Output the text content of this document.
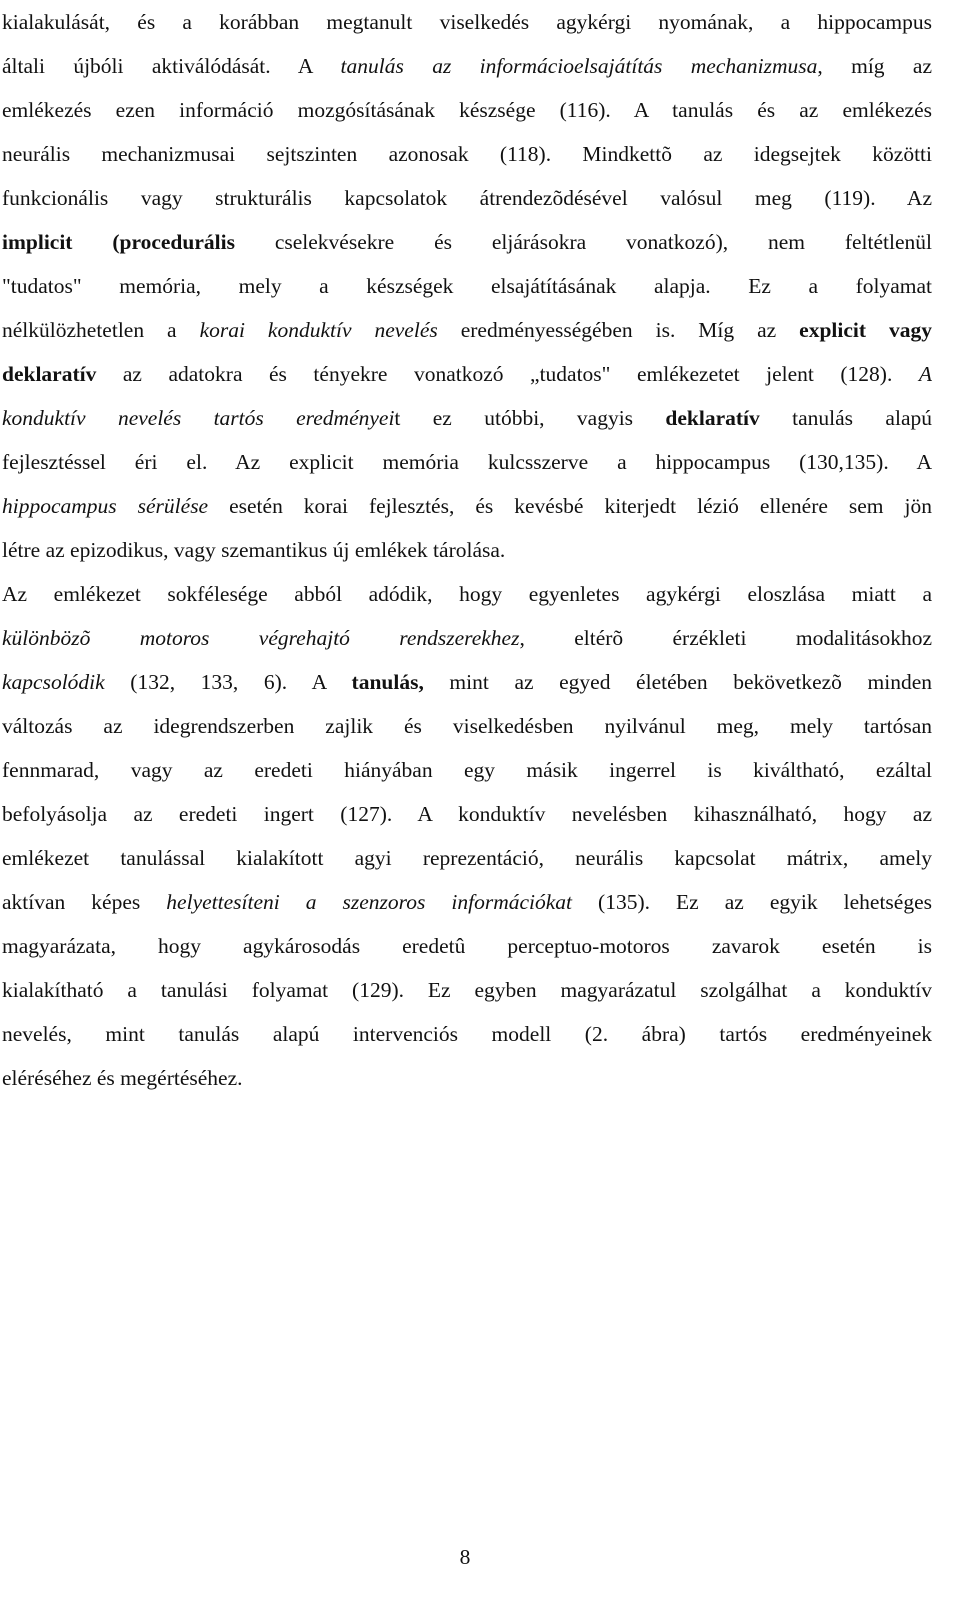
kialakulását, és a korábban megtanult viselkedés agykérgi nyomának, a hippocampus
általi újbóli aktiválódását. A tanulás az informácioelsajátítás mechanizmusa, míg az
emlékezés ezen információ mozgósításának készsége (116). A tanulás és az emlékezés
neurális mechanizmusai sejtszinten azonosak (118). Mindkettõ az idegsejtek közötti
funkcionális vagy strukturális kapcsolatok átrendezõdésével valósul meg (119). Az
implicit (procedurális cselekvésekre és eljárásokra vonatkozó), nem feltétlenül
"tudatos" memória, mely a készségek elsajátításának alapja. Ez a folyamat
nélkülözhetetlen a korai konduktív nevelés eredményességében is. Míg az explicit vagy
deklaratív az adatokra és tényekre vonatkozó „tudatos" emlékezetet jelent (128). A
konduktív nevelés tartós eredményeit ez utóbbi, vagyis deklaratív tanulás alapú
fejlesztéssel éri el. Az explicit memória kulcsszerve a hippocampus (130,135). A
hippocampus sérülése esetén korai fejlesztés, és kevésbé kiterjedt lézió ellenére sem jön
létre az epizodikus, vagy szemantikus új emlékek tárolása.
Az emlékezet sokfélesége abból adódik, hogy egyenletes agykérgi eloszlása miatt a
különbözõ motoros végrehajtó rendszerekhez, eltérõ érzékleti modalitásokhoz
kapcsolódik (132, 133, 6). A tanulás, mint az egyed életében bekövetkezõ minden
változás az idegrendszerben zajlik és viselkedésben nyilvánul meg, mely tartósan
fennmarad, vagy az eredeti hiányában egy másik ingerrel is kiváltható, ezáltal
befolyásolja az eredeti ingert (127). A konduktív nevelésben kihasználható, hogy az
emlékezet tanulással kialakított agyi reprezentáció, neurális kapcsolat mátrix, amely
aktívan képes helyettesíteni a szenzoros információkat (135). Ez az egyik lehetséges
magyarázata, hogy agykárosodás eredetû perceptuo-motoros zavarok esetén is
kialakítható a tanulási folyamat (129). Ez egyben magyarázatul szolgálhat a konduktív
nevelés, mint tanulás alapú intervenciós modell (2. ábra) tartós eredményeinek
eléréséhez és megértéséhez.
8
